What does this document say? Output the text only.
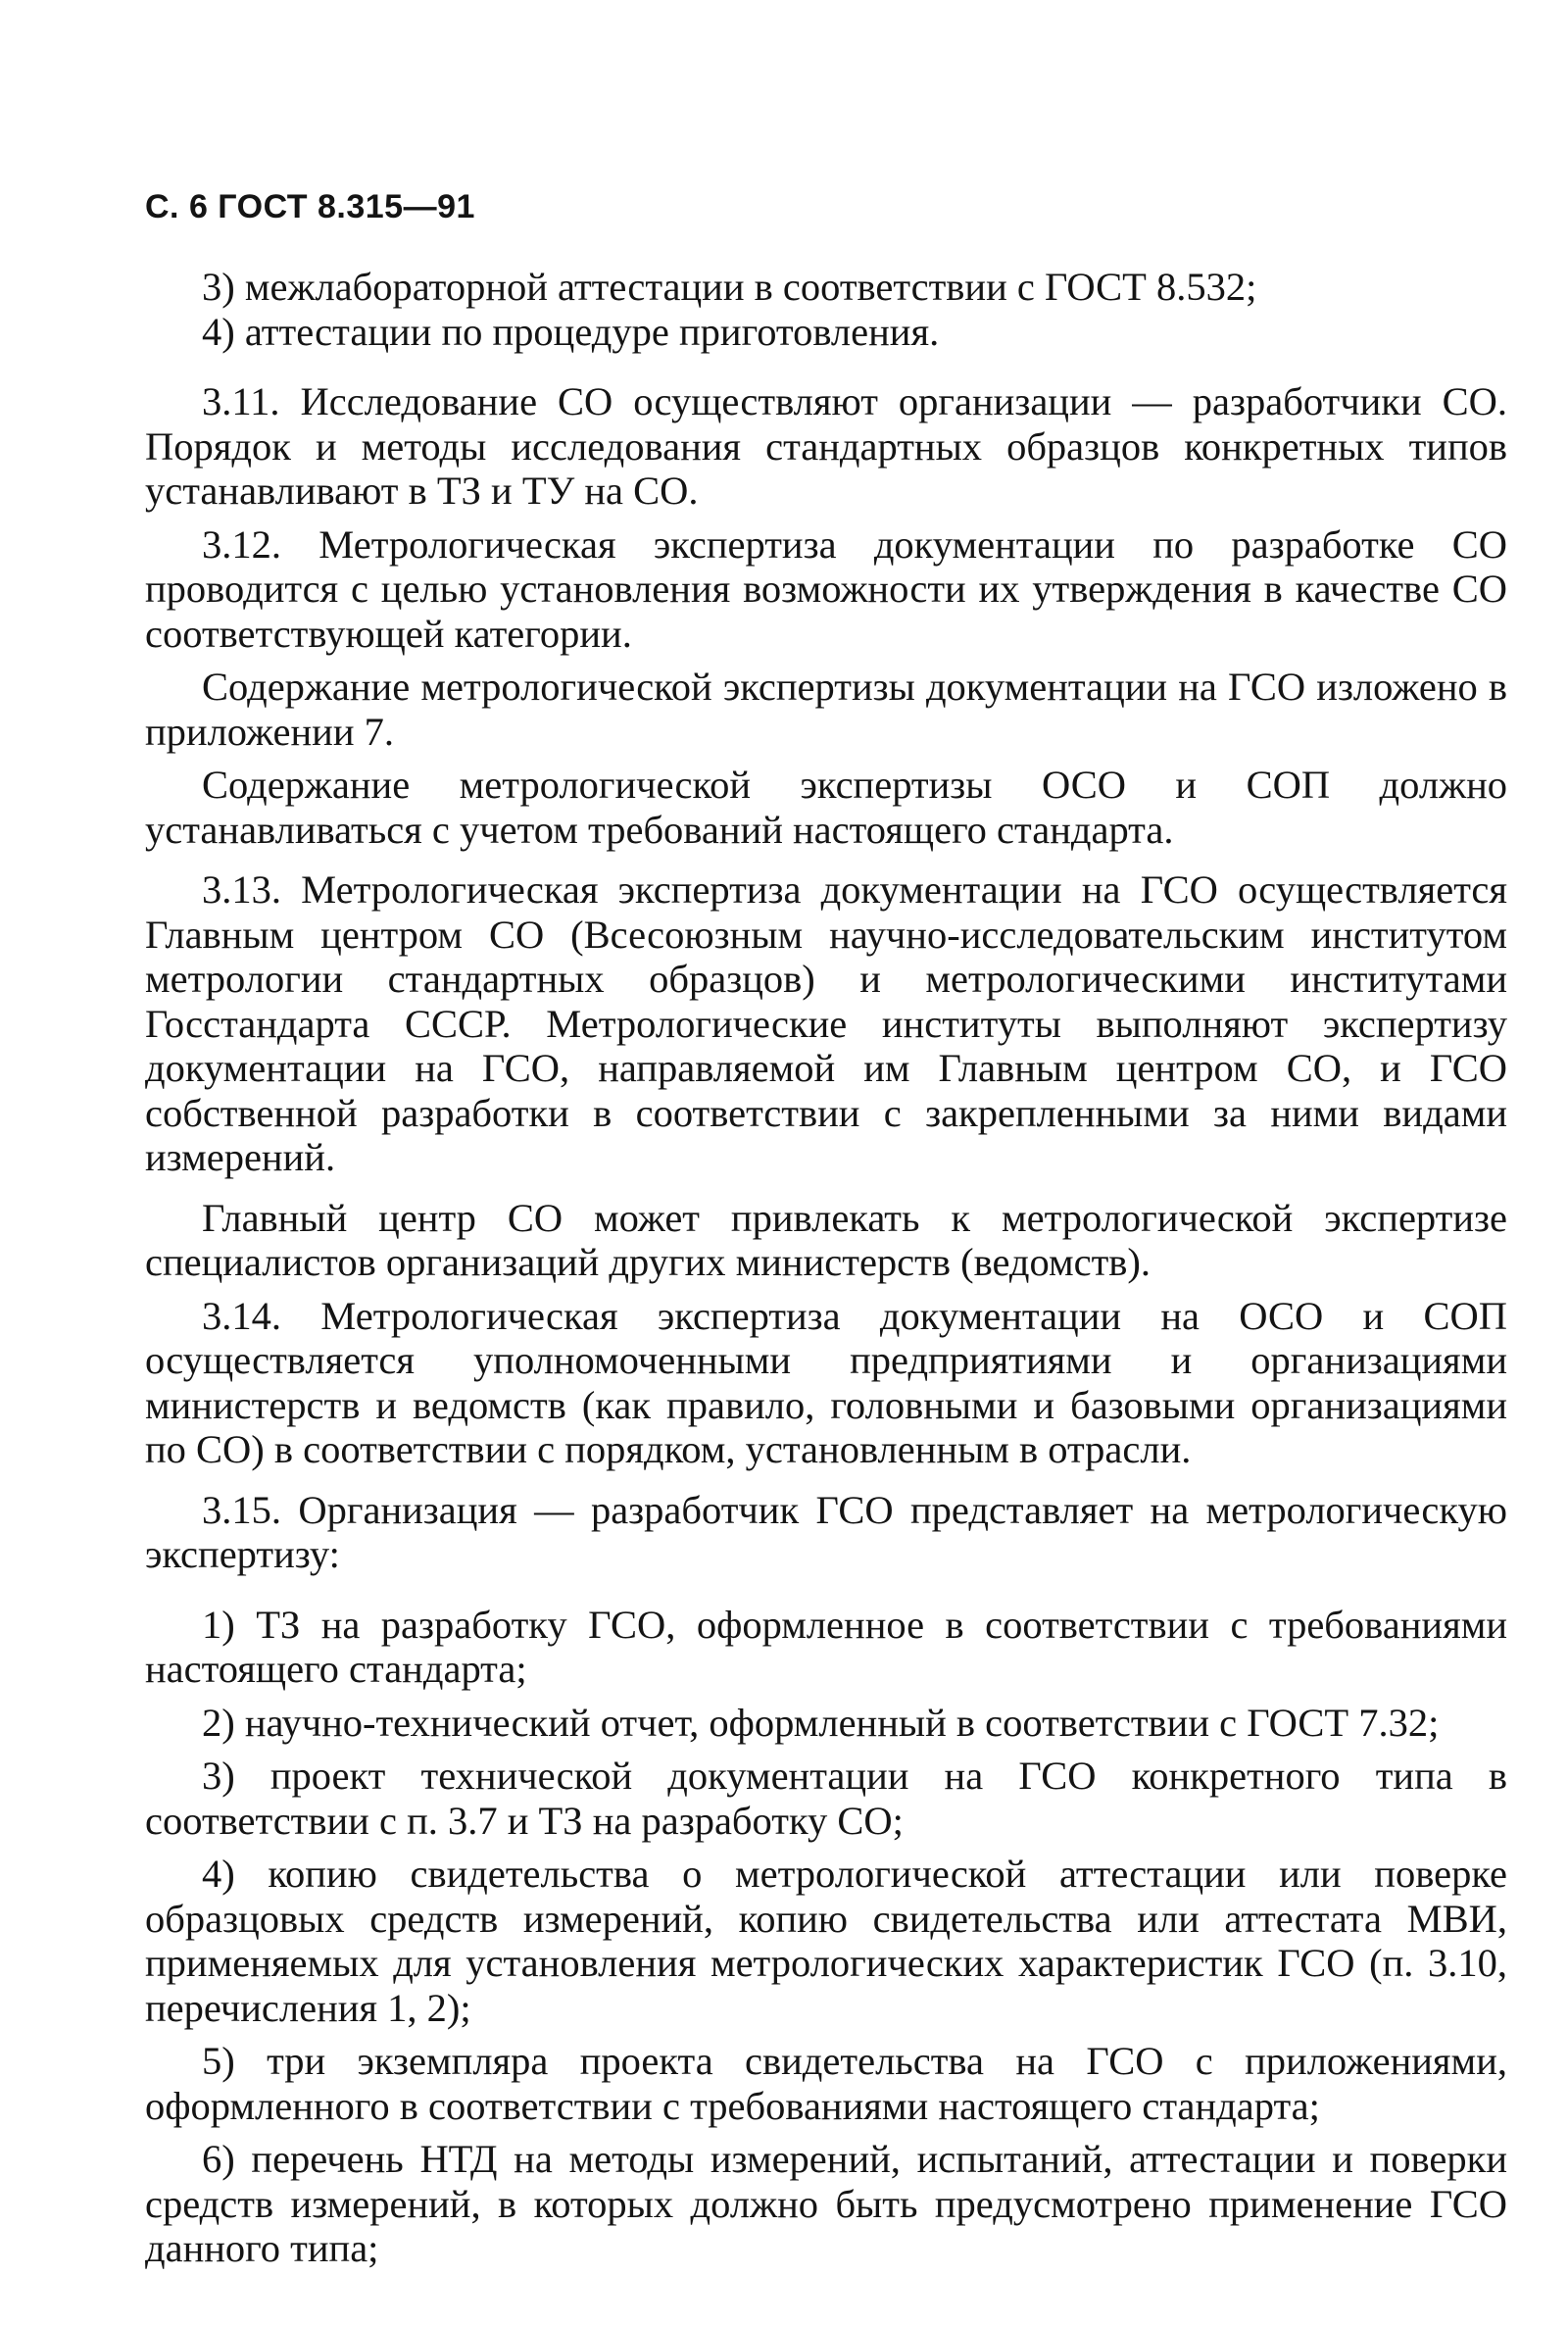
С. 6 ГОСТ 8.315—91

3) межлабораторной аттестации в соответствии с ГОСТ 8.532;

4) аттестации по процедуре приготовления.

3.11. Исследование СО осуществляют организации — разработчики СО. Порядок и методы исследования стандартных образцов конкретных типов устанавливают в ТЗ и ТУ на СО.

3.12. Метрологическая экспертиза документации по разработке СО проводится с целью установления возможности их утверждения в качестве СО соответствующей категории.

Содержание метрологической экспертизы документации на ГСО изложено в приложении 7.

Содержание метрологической экспертизы ОСО и СОП должно устанавливаться с учетом требований настоящего стандарта.

3.13. Метрологическая экспертиза документации на ГСО осуществляется Главным центром СО (Всесоюзным научно-исследовательским институтом метрологии стандартных образцов) и метрологическими институтами Госстандарта СССР. Метрологические институты выполняют экспертизу документации на ГСО, направляемой им Главным центром СО, и ГСО собственной разработки в соответствии с закрепленными за ними видами измерений.

Главный центр СО может привлекать к метрологической экспертизе специалистов организаций других министерств (ведомств).

3.14. Метрологическая экспертиза документации на ОСО и СОП осуществляется уполномоченными предприятиями и организациями министерств и ведомств (как правило, головными и базовыми организациями по СО) в соответствии с порядком, установленным в отрасли.

3.15. Организация — разработчик ГСО представляет на метрологическую экспертизу:

1) ТЗ на разработку ГСО, оформленное в соответствии с требованиями настоящего стандарта;

2) научно-технический отчет, оформленный в соответствии с ГОСТ 7.32;

3) проект технической документации на ГСО конкретного типа в соответствии с п. 3.7 и ТЗ на разработку СО;

4) копию свидетельства о метрологической аттестации или поверке образцовых средств измерений, копию свидетельства или аттестата МВИ, применяемых для установления метрологических характеристик ГСО (п. 3.10, перечисления 1, 2);

5) три экземпляра проекта свидетельства на ГСО с приложениями, оформленного в соответствии с требованиями настоящего стандарта;

6) перечень НТД на методы измерений, испытаний, аттестации и поверки средств измерений, в которых должно быть предусмотрено применение ГСО данного типа;
